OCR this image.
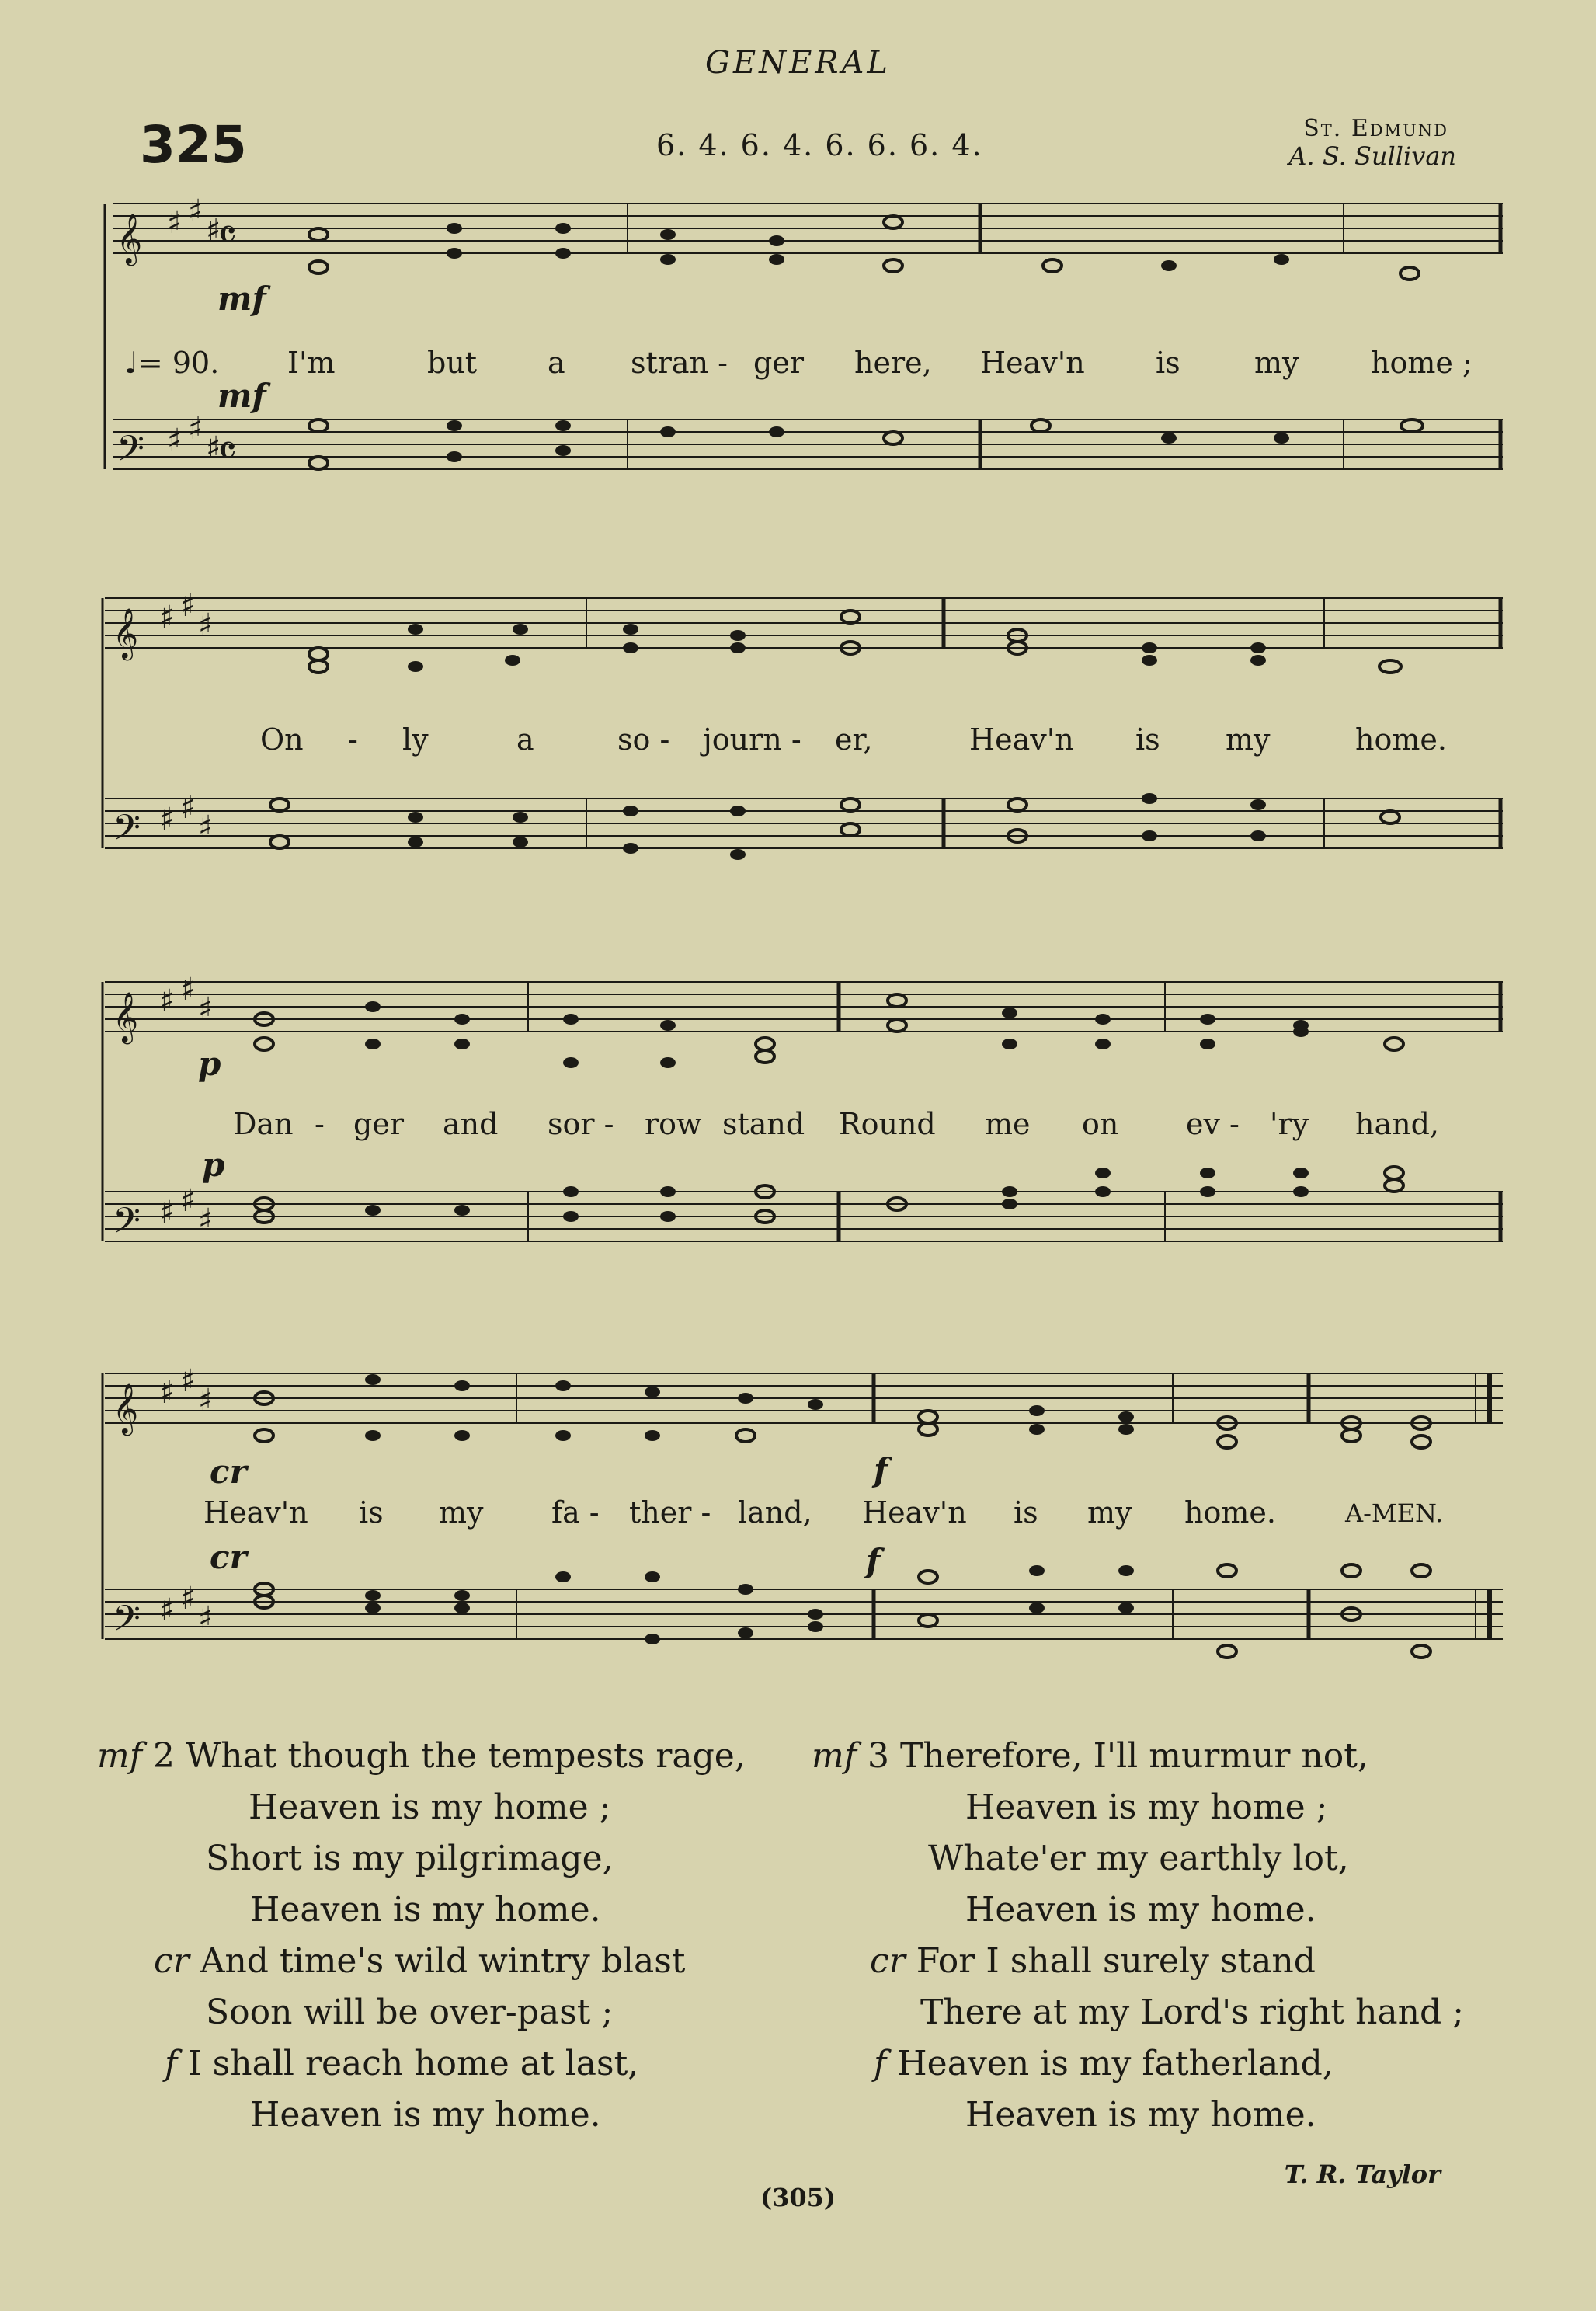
GENERAL
325	6. 4. 6. 4. 6. 6. 6. 4.	St. Edmund
A. S. Sullivan
𝄞 ♯ ♯
♯
𝄴
𝄢 ♯ ♯
♯
𝄴
mf
mf
♩= 90. I'm	but a stran - ger here, Heav'n is	my home ;
𝄞 ♯ ♯
♯
𝄢 ♯ ♯
♯
On - ly	a	so - journ - er,	Heav'n is my	home.
𝄞 ♯ ♯
♯
𝄢 ♯ ♯
♯
p
p
Dan - ger and sor - row stand Round me on ev - 'ry hand,
𝄞 ♯ ♯
♯
𝄢 ♯ ♯
♯
cr	f
cr	f
Heav'n is my fa - ther - land, Heav'n is my home.	A-MEN.
mf 2 What though the tempests rage,
Heaven is my home ;
Short is my pilgrimage,
Heaven is my home.
cr And time's wild wintry blast
Soon will be over-past ;
f I shall reach home at last,
Heaven is my home.
mf 3 Therefore, I'll murmur not,
Heaven is my home ;
Whate'er my earthly lot,
Heaven is my home.
cr For I shall surely stand
There at my Lord's right hand ;
f Heaven is my fatherland,
Heaven is my home.
T. R. Taylor
(305)
